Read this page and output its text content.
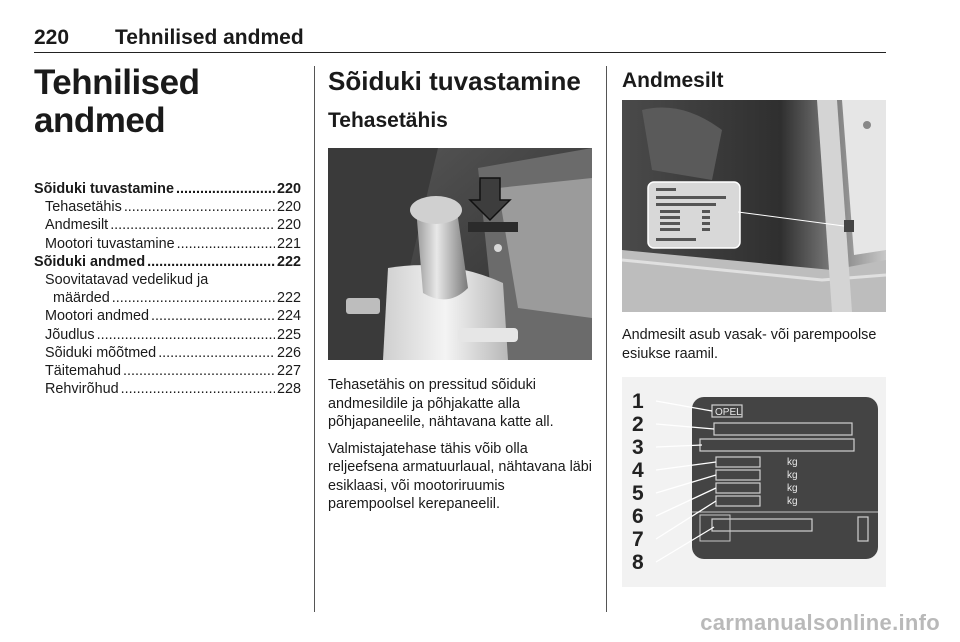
220 Tehnilised andmed
Tehnilised andmed
Sõiduki tuvastamine .....	220
Tehasetähis .....	220
Andmesilt .....	220
Mootori tuvastamine .....	221
Sõiduki andmed .....	222
Soovitatavad vedelikud ja
määrded .....	222
Mootori andmed .....	224
Jõudlus .....	225
Sõiduki mõõtmed .....	226
Täitemahud .....	227
Rehvirõhud .....	228
Sõiduki tuvastamine
Tehasetähis

Tehasetähis on pressitud sõiduki andmesildile ja põhjakatte alla põhjapaneelile, nähtavana katte all.

Valmistajatehase tähis võib olla reljeefsena armatuurlaual, nähtavana läbi esiklaasi, või mootoriruumis parempoolsel kerepaneelil.

Andmesilt

Andmesilt asub vasak- või parempoolse esiukse raamil.

1
2
3
4
5
6
7
8
OPEL
kg
kg
kg
kg
carmanualsonline.info
